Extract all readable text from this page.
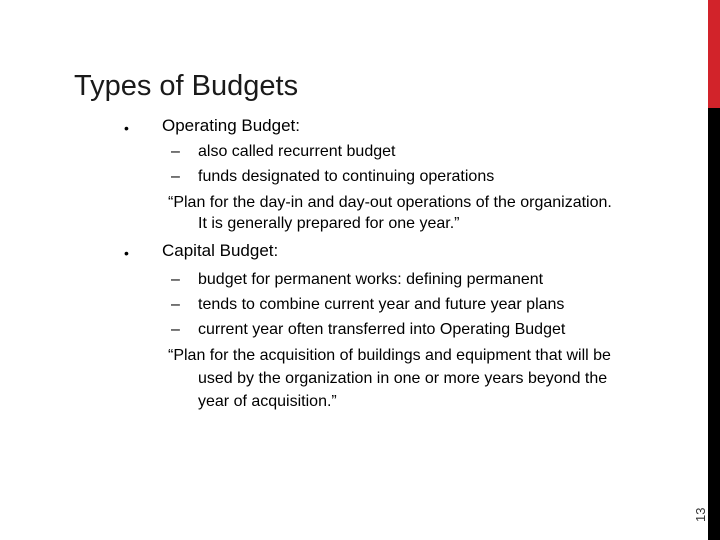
Types of Budgets
13
• Operating Budget:
– also called recurrent budget
– funds designated to continuing operations
“Plan for the day-in and day-out operations of the organization.
It is generally prepared for one year.”
• Capital Budget:
– budget for permanent works: defining permanent
– tends to combine current year and future year plans
– current year often transferred into Operating Budget
“Plan for the acquisition of buildings and equipment that will be
used by the organization in one or more years beyond the
year of acquisition.”
